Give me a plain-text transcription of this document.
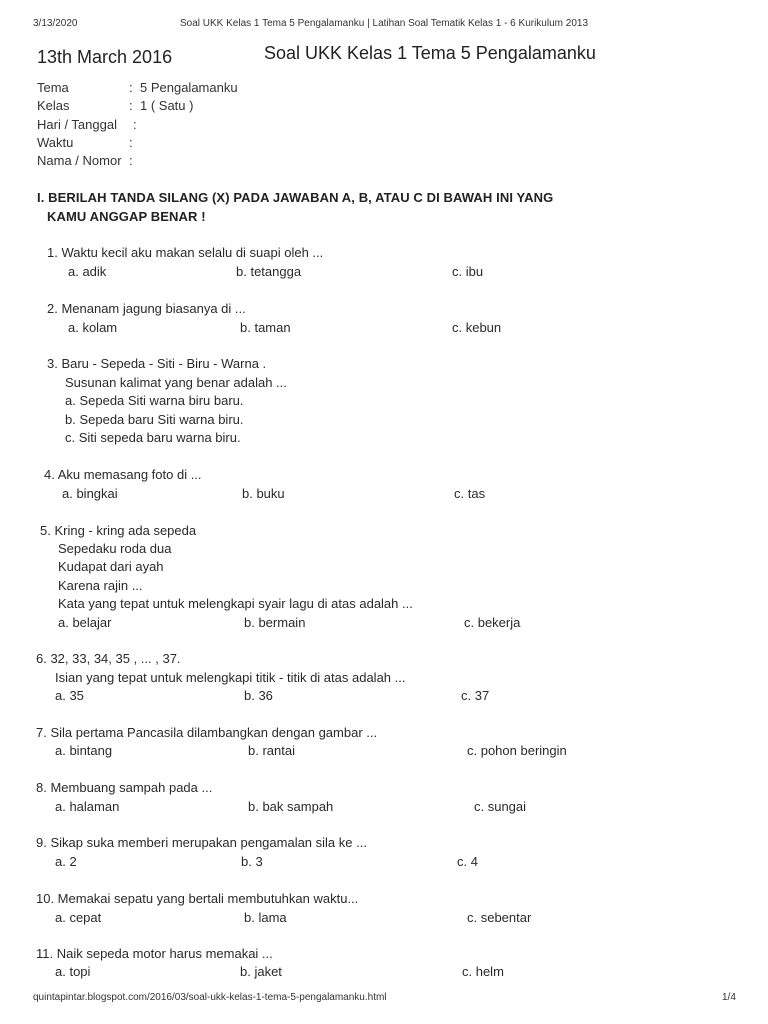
3/13/2020	Soal UKK Kelas 1 Tema 5 Pengalamanku | Latihan Soal Tematik Kelas 1 - 6 Kurikulum 2013
13th March 2016	Soal UKK Kelas 1 Tema 5 Pengalamanku
Tema	: 5 Pengalamanku
Kelas	: 1 ( Satu )
Hari / Tanggal :
Waktu	:
Nama / Nomor :
I. BERILAH TANDA SILANG (X) PADA JAWABAN A, B, ATAU C DI BAWAH INI YANG
KAMU ANGGAP BENAR !
1. Waktu kecil aku makan selalu di suapi oleh ...
a. adik	b. tetangga	c. ibu
2. Menanam jagung biasanya di ...
a. kolam	b. taman	c. kebun
3. Baru - Sepeda - Siti - Biru - Warna .
Susunan kalimat yang benar adalah ...
a. Sepeda Siti warna biru baru.
b. Sepeda baru Siti warna biru.
c. Siti sepeda baru warna biru.
4. Aku memasang foto di ...
a. bingkai	b. buku	c. tas
5. Kring - kring ada sepeda
Sepedaku roda dua
Kudapat dari ayah
Karena rajin ...
Kata yang tepat untuk melengkapi syair lagu di atas adalah ...
a. belajar	b. bermain	c. bekerja
6. 32, 33, 34, 35 , ... , 37.
Isian yang tepat untuk melengkapi titik - titik di atas adalah ...
a. 35	b. 36	c. 37
7. Sila pertama Pancasila dilambangkan dengan gambar ...
a. bintang	b. rantai	c. pohon beringin
8. Membuang sampah pada ...
a. halaman	b. bak sampah	c. sungai
9. Sikap suka memberi merupakan pengamalan sila ke ...
a. 2	b. 3	c. 4
10. Memakai sepatu yang bertali membutuhkan waktu...
a. cepat	b. lama	c. sebentar
11. Naik sepeda motor harus memakai ...
a. topi	b. jaket	c. helm
quintapintar.blogspot.com/2016/03/soal-ukk-kelas-1-tema-5-pengalamanku.html	1/4
